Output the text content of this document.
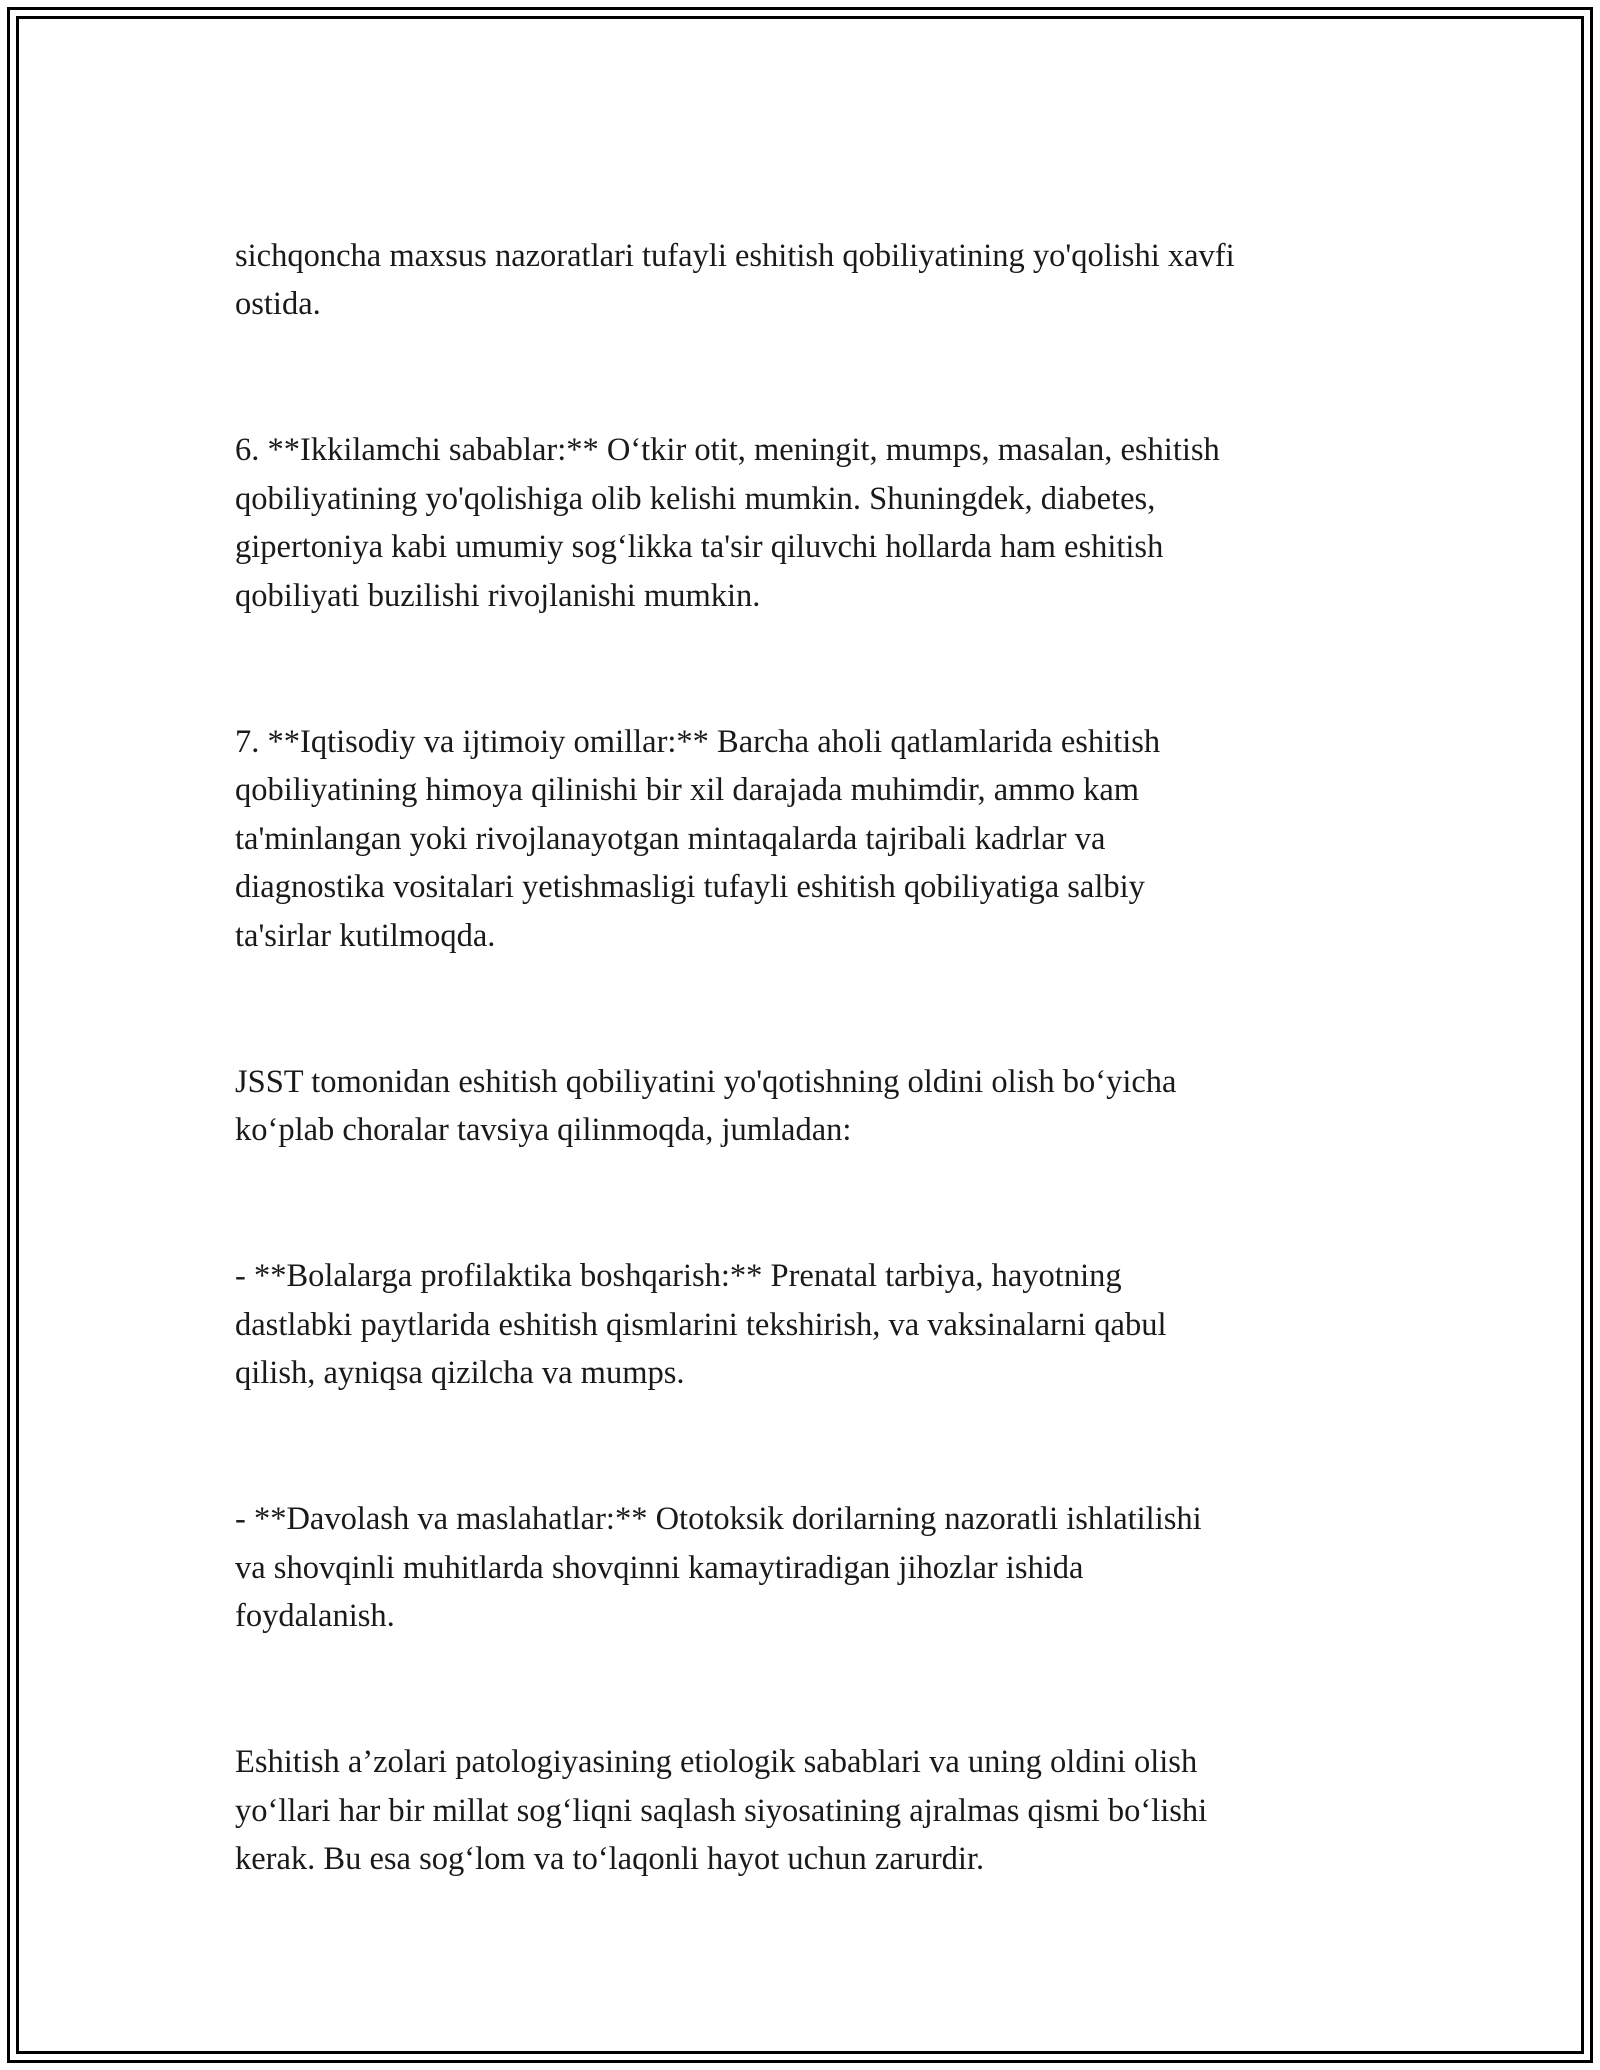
sichqoncha maxsus nazoratlari tufayli eshitish qobiliyatining yo'qolishi xavfi
ostida.

6. **Ikkilamchi sabablar:** O‘tkir otit, meningit, mumps, masalan, eshitish
qobiliyatining yo'qolishiga olib kelishi mumkin. Shuningdek, diabetes,
gipertoniya kabi umumiy sog‘likka ta'sir qiluvchi hollarda ham eshitish
qobiliyati buzilishi rivojlanishi mumkin.

7. **Iqtisodiy va ijtimoiy omillar:** Barcha aholi qatlamlarida eshitish
qobiliyatining himoya qilinishi bir xil darajada muhimdir, ammo kam
ta'minlangan yoki rivojlanayotgan mintaqalarda tajribali kadrlar va
diagnostika vositalari yetishmasligi tufayli eshitish qobiliyatiga salbiy
ta'sirlar kutilmoqda.

JSST tomonidan eshitish qobiliyatini yo'qotishning oldini olish bo‘yicha
ko‘plab choralar tavsiya qilinmoqda, jumladan:

- **Bolalarga profilaktika boshqarish:** Prenatal tarbiya, hayotning
dastlabki paytlarida eshitish qismlarini tekshirish, va vaksinalarni qabul
qilish, ayniqsa qizilcha va mumps.

- **Davolash va maslahatlar:** Ototoksik dorilarning nazoratli ishlatilishi
va shovqinli muhitlarda shovqinni kamaytiradigan jihozlar ishida
foydalanish.

Eshitish a’zolari patologiyasining etiologik sabablari va uning oldini olish
yo‘llari har bir millat sog‘liqni saqlash siyosatining ajralmas qismi bo‘lishi
kerak. Bu esa sog‘lom va to‘laqonli hayot uchun zarurdir.
